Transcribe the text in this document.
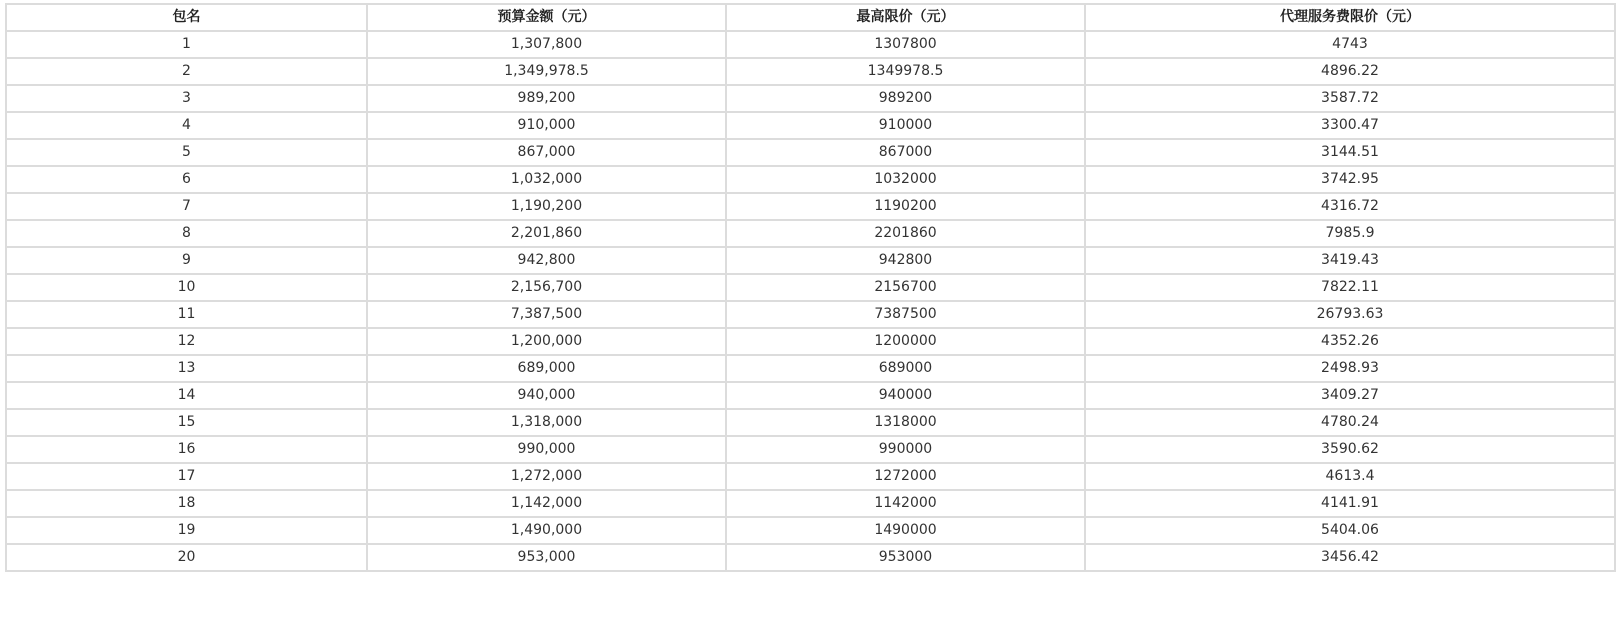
包名	预算金额（元）	最高限价（元）	代理服务费限价（元）
1	1,307,800	1307800	4743
2	1,349,978.5	1349978.5	4896.22
3	989,200	989200	3587.72
4	910,000	910000	3300.47
5	867,000	867000	3144.51
6	1,032,000	1032000	3742.95
7	1,190,200	1190200	4316.72
8	2,201,860	2201860	7985.9
9	942,800	942800	3419.43
10	2,156,700	2156700	7822.11
11	7,387,500	7387500	26793.63
12	1,200,000	1200000	4352.26
13	689,000	689000	2498.93
14	940,000	940000	3409.27
15	1,318,000	1318000	4780.24
16	990,000	990000	3590.62
17	1,272,000	1272000	4613.4
18	1,142,000	1142000	4141.91
19	1,490,000	1490000	5404.06
20	953,000	953000	3456.42
